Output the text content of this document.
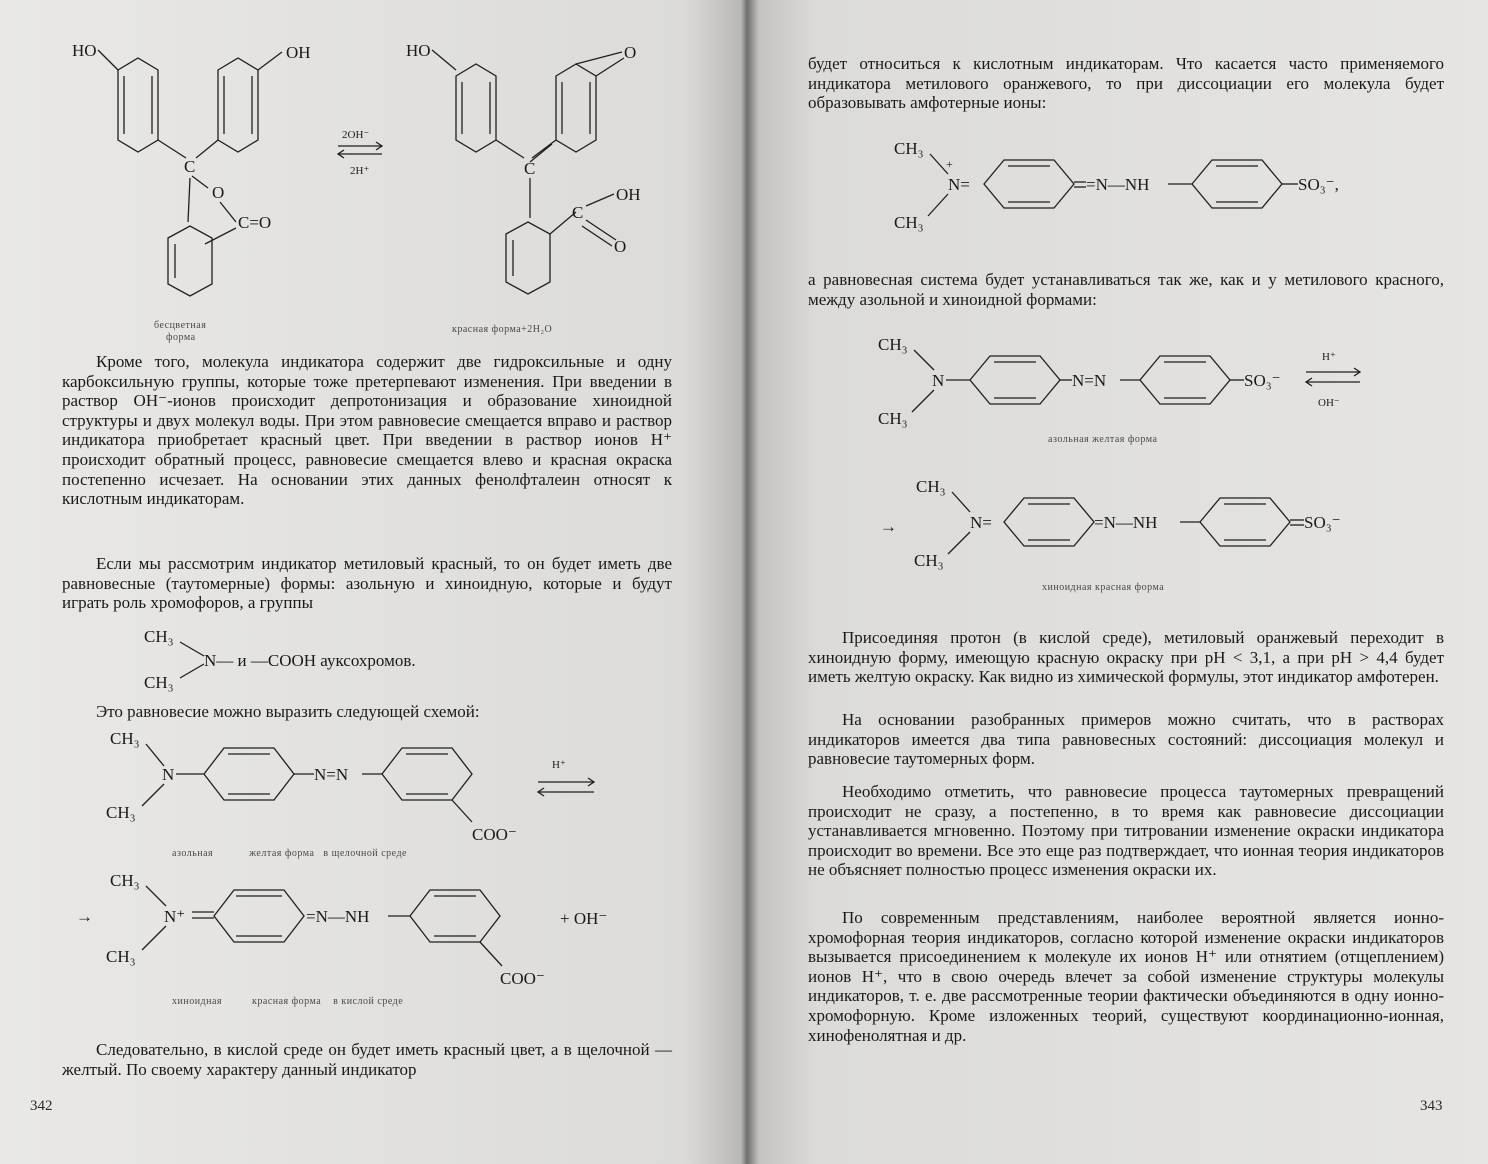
HO	OH
C
O
C=O
2OH⁻
2H⁺
HO	O
C
C
OH
O
бесцветная
форма
красная форма+2H₂O

Кроме того, молекула индикатора содержит две гидроксильные и одну карбоксильную группы, которые тоже претерпевают изменения. При введении в раствор OH⁻-ионов происходит депротонизация и образование хиноидной структуры и двух молекул воды. При этом равновесие смещается вправо и раствор индикатора приобретает красный цвет. При введении в раствор ионов H⁺ происходит обратный процесс, равновесие смещается влево и красная окраска постепенно исчезает. На основании этих данных фенолфталеин относят к кислотным индикаторам.

Если мы рассмотрим индикатор метиловый красный, то он будет иметь две равновесные (таутомерные) формы: азольную и хиноидную, которые и будут играть роль хромофоров, а группы

CH₃
CH₃
N— и —COOH ауксохромов.

Это равновесие можно выразить следующей схемой:

CH₃
CH₃
N	N=N
COO⁻
H⁺
азольная            желтая форма   в щелочной среде
→
CH₃
CH₃
N⁺	=N—NH
COO⁻
+ OH⁻
хиноидная          красная форма    в кислой среде

Следовательно, в кислой среде он будет иметь красный цвет, а в щелочной — желтый. По своему характеру данный индикатор

342

будет относиться к кислотным индикаторам. Что касается часто применяемого индикатора метилового оранжевого, то при диссоциации его молекула будет образовывать амфотерные ионы:

CH₃
CH₃
+
N=	=N—NH	SO₃⁻,

а равновесная система будет устанавливаться так же, как и у метилового красного, между азольной и хиноидной формами:

CH₃
CH₃
N	N=N	SO₃⁻
H⁺
OH⁻
азольная желтая форма
→
CH₃
CH₃
N=	=N—NH	SO₃⁻
хиноидная красная форма

Присоединяя протон (в кислой среде), метиловый оранжевый переходит в хиноидную форму, имеющую красную окраску при pH < 3,1, а при pH > 4,4 будет иметь желтую окраску. Как видно из химической формулы, этот индикатор амфотерен.

На основании разобранных примеров можно считать, что в растворах индикаторов имеется два типа равновесных состояний: диссоциация молекул и равновесие таутомерных форм.

Необходимо отметить, что равновесие процесса таутомерных превращений происходит не сразу, а постепенно, в то время как равновесие диссоциации устанавливается мгновенно. Поэтому при титровании изменение окраски индикатора происходит во времени. Все это еще раз подтверждает, что ионная теория индикаторов не объясняет полностью процесс изменения окраски их.

По современным представлениям, наиболее вероятной является ионно-хромофорная теория индикаторов, согласно которой изменение окраски индикаторов вызывается присоединением к молекуле их ионов H⁺ или отнятием (отщеплением) ионов H⁺, что в свою очередь влечет за собой изменение структуры молекулы индикаторов, т. е. две рассмотренные теории фактически объединяются в одну ионно-хромофорную. Кроме изложенных теорий, существуют координационно-ионная, хинофенолятная и др.

343
